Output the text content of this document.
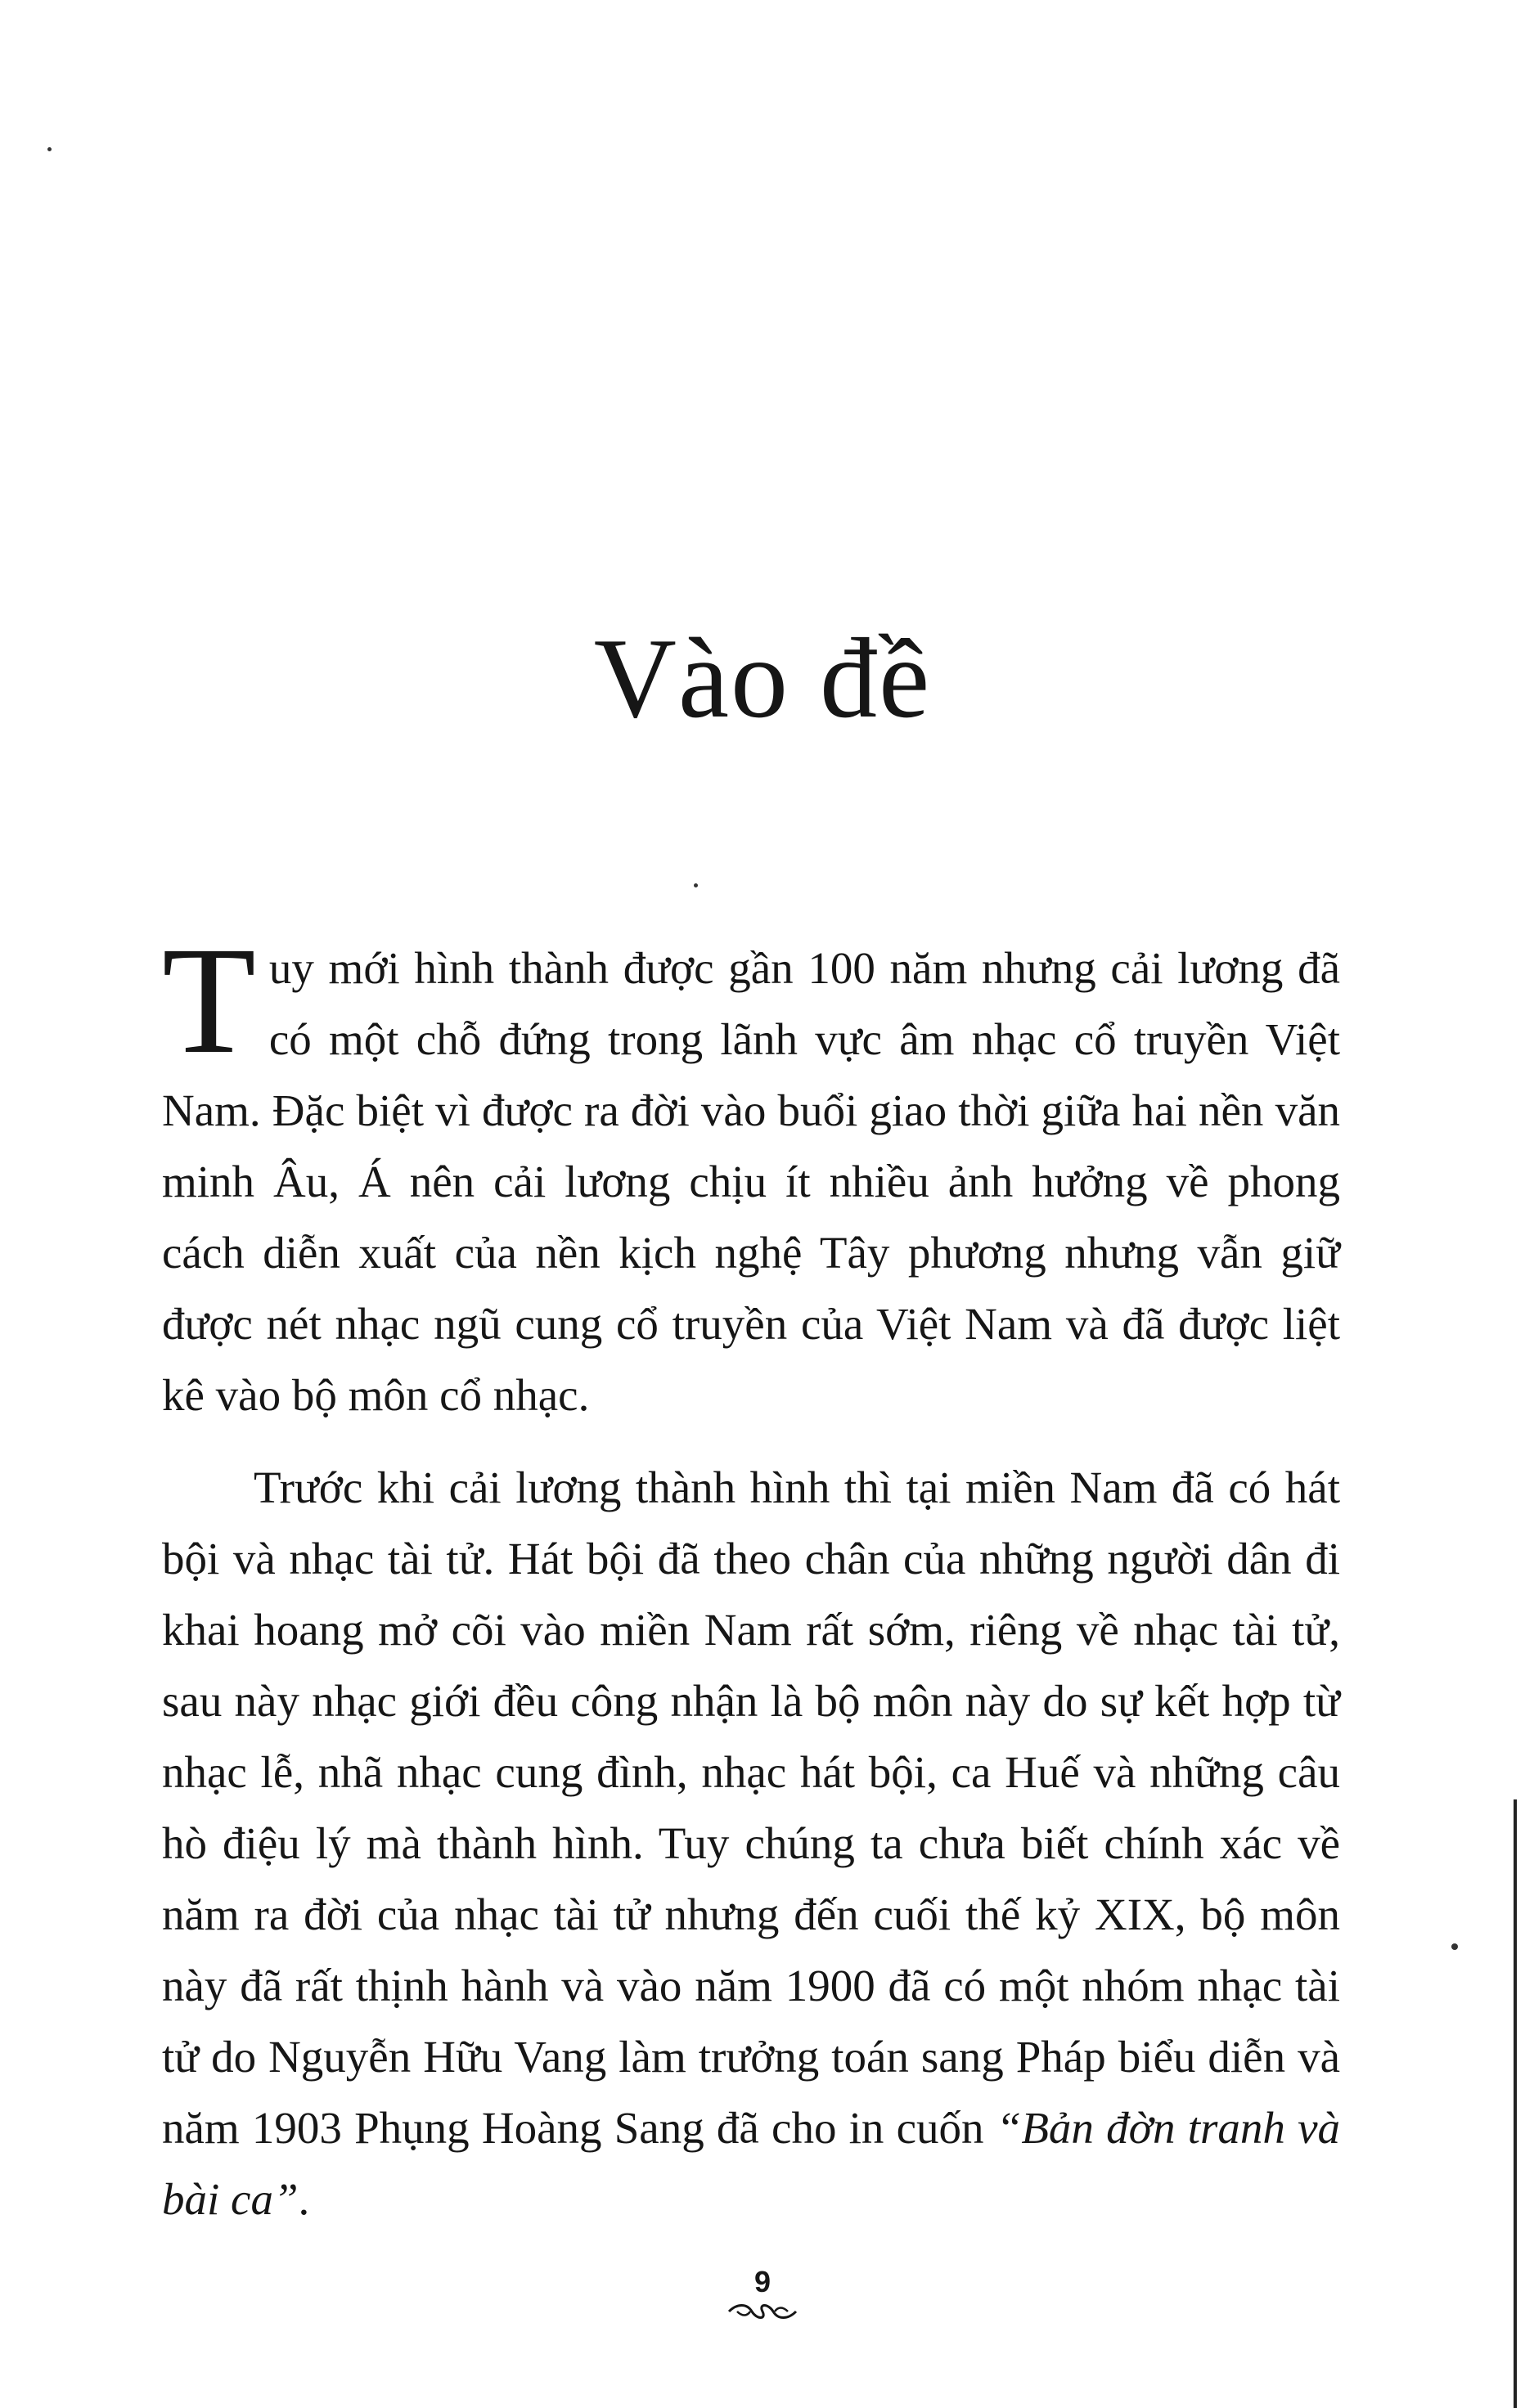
Vào đề

Tuy mới hình thành được gần 100 năm nhưng cải lương đã có một chỗ đứng trong lãnh vực âm nhạc cổ truyền Việt Nam. Đặc biệt vì được ra đời vào buổi giao thời giữa hai nền văn minh Âu, Á nên cải lương chịu ít nhiều ảnh hưởng về phong cách diễn xuất của nền kịch nghệ Tây phương nhưng vẫn giữ được nét nhạc ngũ cung cổ truyền của Việt Nam và đã được liệt kê vào bộ môn cổ nhạc.

Trước khi cải lương thành hình thì tại miền Nam đã có hát bội và nhạc tài tử. Hát bội đã theo chân của những người dân đi khai hoang mở cõi vào miền Nam rất sớm, riêng về nhạc tài tử, sau này nhạc giới đều công nhận là bộ môn này do sự kết hợp từ nhạc lễ, nhã nhạc cung đình, nhạc hát bội, ca Huế và những câu hò điệu lý mà thành hình. Tuy chúng ta chưa biết chính xác về năm ra đời của nhạc tài tử nhưng đến cuối thế kỷ XIX, bộ môn này đã rất thịnh hành và vào năm 1900 đã có một nhóm nhạc tài tử do Nguyễn Hữu Vang làm trưởng toán sang Pháp biểu diễn và năm 1903 Phụng Hoàng Sang đã cho in cuốn “Bản đờn tranh và bài ca”.

9
